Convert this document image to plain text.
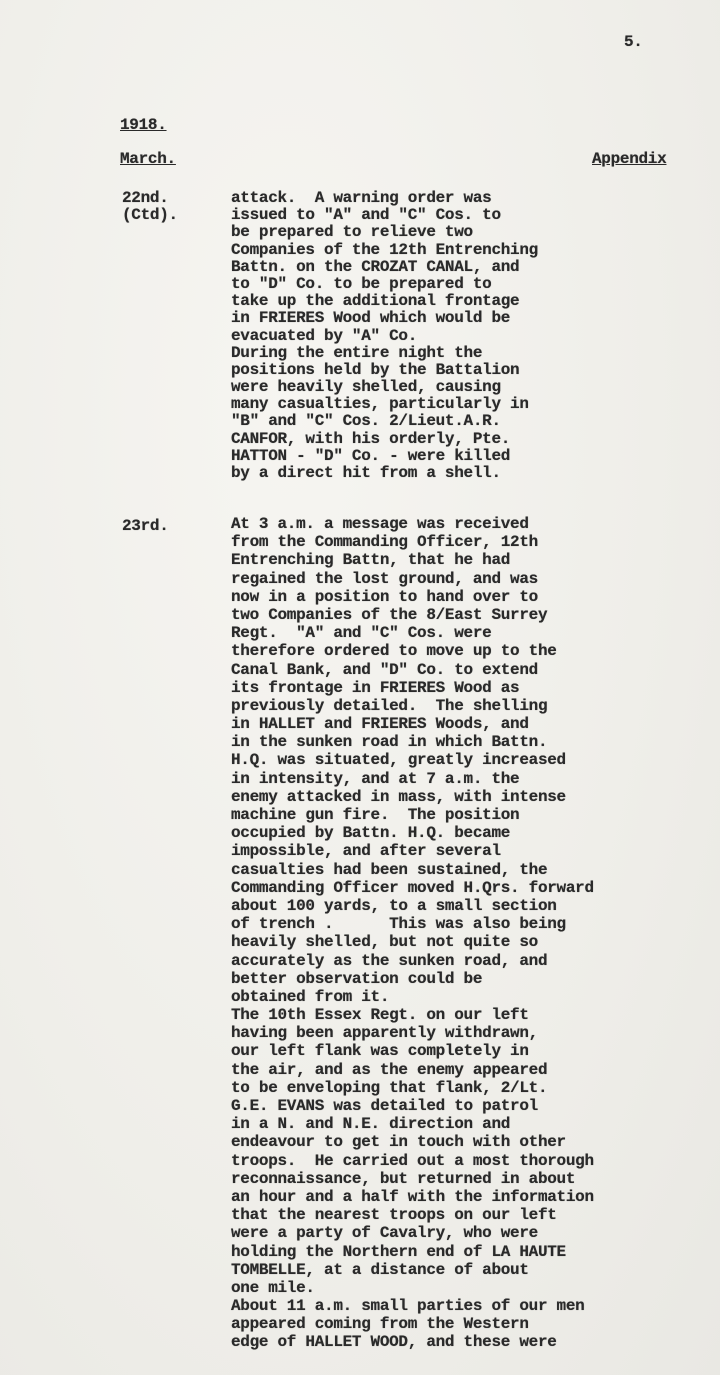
5.
1918.
March.	Appendix
22nd.
(Ctd).
attack.  A warning order was
issued to "A" and "C" Cos. to
be prepared to relieve two
Companies of the 12th Entrenching
Battn. on the CROZAT CANAL, and
to "D" Co. to be prepared to
take up the additional frontage
in FRIERES Wood which would be
evacuated by "A" Co.
During the entire night the
positions held by the Battalion
were heavily shelled, causing
many casualties, particularly in
"B" and "C" Cos. 2/Lieut.A.R.
CANFOR, with his orderly, Pte.
HATTON - "D" Co. - were killed
by a direct hit from a shell.
23rd.	At 3 a.m. a message was received
from the Commanding Officer, 12th
Entrenching Battn, that he had
regained the lost ground, and was
now in a position to hand over to
two Companies of the 8/East Surrey
Regt.  "A" and "C" Cos. were
therefore ordered to move up to the
Canal Bank, and "D" Co. to extend
its frontage in FRIERES Wood as
previously detailed.  The shelling
in HALLET and FRIERES Woods, and
in the sunken road in which Battn.
H.Q. was situated, greatly increased
in intensity, and at 7 a.m. the
enemy attacked in mass, with intense
machine gun fire.  The position
occupied by Battn. H.Q. became
impossible, and after several
casualties had been sustained, the
Commanding Officer moved H.Qrs. forward
about 100 yards, to a small section
of trench .      This was also being
heavily shelled, but not quite so
accurately as the sunken road, and
better observation could be
obtained from it.
The 10th Essex Regt. on our left
having been apparently withdrawn,
our left flank was completely in
the air, and as the enemy appeared
to be enveloping that flank, 2/Lt.
G.E. EVANS was detailed to patrol
in a N. and N.E. direction and
endeavour to get in touch with other
troops.  He carried out a most thorough
reconnaissance, but returned in about
an hour and a half with the information
that the nearest troops on our left
were a party of Cavalry, who were
holding the Northern end of LA HAUTE
TOMBELLE, at a distance of about
one mile.
About 11 a.m. small parties of our men
appeared coming from the Western
edge of HALLET WOOD, and these were
